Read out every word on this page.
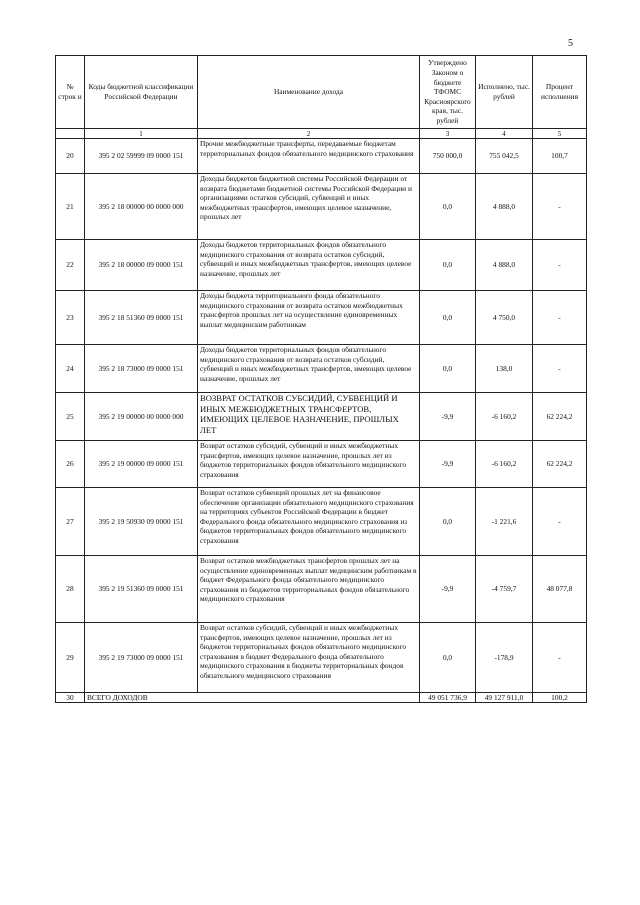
5
№ строк и	Коды бюджетной классификации Российской Федерации	Наименование дохода	Утверждено Законом о бюджете ТФОМС Красноярского края, тыс. рублей	Исполнено, тыс. рублей	Процент исполнения
	1	2	3	4	5
20	395 2 02 59999 09 0000 151	Прочие межбюджетные трансферты, передаваемые бюджетам территориальных фондов обязательного медицинского страхования	750 000,0	755 042,5	100,7
21	395 2 18 00000 00 0000 000	Доходы бюджетов бюджетной системы Российской Федерации от возврата бюджетами бюджетной системы Российской Федерации и организациями остатков субсидий, субвенций и иных межбюджетных трансфертов, имеющих целевое назначение, прошлых лет	0,0	4 888,0	-
22	395 2 18 00000 09 0000 151	Доходы бюджетов территориальных фондов обязательного медицинского страхования от возврата остатков субсидий, субвенций и иных межбюджетных трансфертов, имеющих целевое назначение, прошлых лет	0,0	4 888,0	-
23	395 2 18 51360 09 0000 151	Доходы бюджета территориального фонда обязательного медицинского страхования от возврата остатков межбюджетных трансфертов прошлых лет на осуществление единовременных выплат медицинским работникам	0,0	4 750,0	-
24	395 2 18 73000 09 0000 151	Доходы бюджетов территориальных фондов обязательного медицинского страхования от возврата остатков субсидий, субвенций и иных межбюджетных трансфертов, имеющих целевое назначение, прошлых лет	0,0	138,0	-
25	395 2 19 00000 00 0000 000	ВОЗВРАТ ОСТАТКОВ СУБСИДИЙ, СУБВЕНЦИЙ И ИНЫХ МЕЖБЮДЖЕТНЫХ ТРАНСФЕРТОВ, ИМЕЮЩИХ ЦЕЛЕВОЕ НАЗНАЧЕНИЕ, ПРОШЛЫХ ЛЕТ	-9,9	-6 160,2	62 224,2
26	395 2 19 00000 09 0000 151	Возврат остатков субсидий, субвенций и иных межбюджетных трансфертов, имеющих целевое назначение, прошлых лет из бюджетов территориальных фондов обязательного медицинского страхования	-9,9	-6 160,2	62 224,2
27	395 2 19 50930 09 0000 151	Возврат остатков субвенций прошлых лет на финансовое обеспечение организации обязательного медицинского страхования на территориях субъектов Российской Федерации в бюджет Федерального фонда обязательного медицинского страхования из бюджетов территориальных фондов обязательного медицинского страхования	0,0	-1 221,6	-
28	395 2 19 51360 09 0000 151	Возврат остатков межбюджетных трансфертов прошлых лет на осуществление единовременных выплат медицинским работникам в бюджет Федерального фонда обязательного медицинского страхования из бюджетов территориальных фондов обязательного медицинского страхования	-9,9	-4 759,7	48 077,8
29	395 2 19 73000 09 0000 151	Возврат остатков субсидий, субвенций и иных межбюджетных трансфертов, имеющих целевое назначение, прошлых лет из бюджетов территориальных фондов обязательного медицинского страхования в бюджет Федерального фонда обязательного медицинского страхования в бюджеты территориальных фондов обязательного медицинского страхования	0,0	-178,9	-
30	ВСЕГО ДОХОДОВ		49 051 736,9	49 127 911,0	100,2
